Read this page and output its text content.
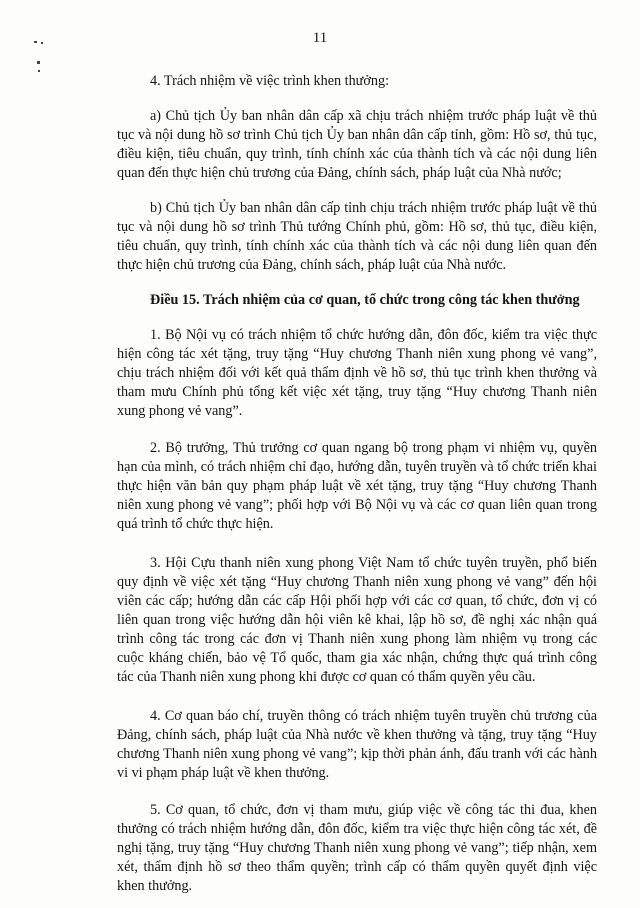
11

4. Trách nhiệm về việc trình khen thưởng:

a) Chủ tịch Ủy ban nhân dân cấp xã chịu trách nhiệm trước pháp luật về thủ tục và nội dung hồ sơ trình Chủ tịch Ủy ban nhân dân cấp tỉnh, gồm: Hồ sơ, thủ tục, điều kiện, tiêu chuẩn, quy trình, tính chính xác của thành tích và các nội dung liên quan đến thực hiện chủ trương của Đảng, chính sách, pháp luật của Nhà nước;

b) Chủ tịch Ủy ban nhân dân cấp tỉnh chịu trách nhiệm trước pháp luật về thủ tục và nội dung hồ sơ trình Thủ tướng Chính phủ, gồm: Hồ sơ, thủ tục, điều kiện, tiêu chuẩn, quy trình, tính chính xác của thành tích và các nội dung liên quan đến thực hiện chủ trương của Đảng, chính sách, pháp luật của Nhà nước.

Điều 15. Trách nhiệm của cơ quan, tổ chức trong công tác khen thưởng

1. Bộ Nội vụ có trách nhiệm tổ chức hướng dẫn, đôn đốc, kiểm tra việc thực hiện công tác xét tặng, truy tặng “Huy chương Thanh niên xung phong vẻ vang”, chịu trách nhiệm đối với kết quả thẩm định về hồ sơ, thủ tục trình khen thưởng và tham mưu Chính phủ tổng kết việc xét tặng, truy tặng “Huy chương Thanh niên xung phong vẻ vang”.

2. Bộ trưởng, Thủ trưởng cơ quan ngang bộ trong phạm vi nhiệm vụ, quyền hạn của mình, có trách nhiệm chỉ đạo, hướng dẫn, tuyên truyền và tổ chức triển khai thực hiện văn bản quy phạm pháp luật về xét tặng, truy tặng “Huy chương Thanh niên xung phong vẻ vang”; phối hợp với Bộ Nội vụ và các cơ quan liên quan trong quá trình tổ chức thực hiện.

3. Hội Cựu thanh niên xung phong Việt Nam tổ chức tuyên truyền, phổ biến quy định về việc xét tặng “Huy chương Thanh niên xung phong vẻ vang” đến hội viên các cấp; hướng dẫn các cấp Hội phối hợp với các cơ quan, tổ chức, đơn vị có liên quan trong việc hướng dẫn hội viên kê khai, lập hồ sơ, đề nghị xác nhận quá trình công tác trong các đơn vị Thanh niên xung phong làm nhiệm vụ trong các cuộc kháng chiến, bảo vệ Tổ quốc, tham gia xác nhận, chứng thực quá trình công tác của Thanh niên xung phong khi được cơ quan có thẩm quyền yêu cầu.

4. Cơ quan báo chí, truyền thông có trách nhiệm tuyên truyền chủ trương của Đảng, chính sách, pháp luật của Nhà nước về khen thưởng và tặng, truy tặng “Huy chương Thanh niên xung phong vẻ vang”; kịp thời phản ánh, đấu tranh với các hành vi vi phạm pháp luật về khen thưởng.

5. Cơ quan, tổ chức, đơn vị tham mưu, giúp việc về công tác thi đua, khen thưởng có trách nhiệm hướng dẫn, đôn đốc, kiểm tra việc thực hiện công tác xét, đề nghị tặng, truy tặng “Huy chương Thanh niên xung phong vẻ vang”; tiếp nhận, xem xét, thẩm định hồ sơ theo thẩm quyền; trình cấp có thẩm quyền quyết định việc khen thưởng.
